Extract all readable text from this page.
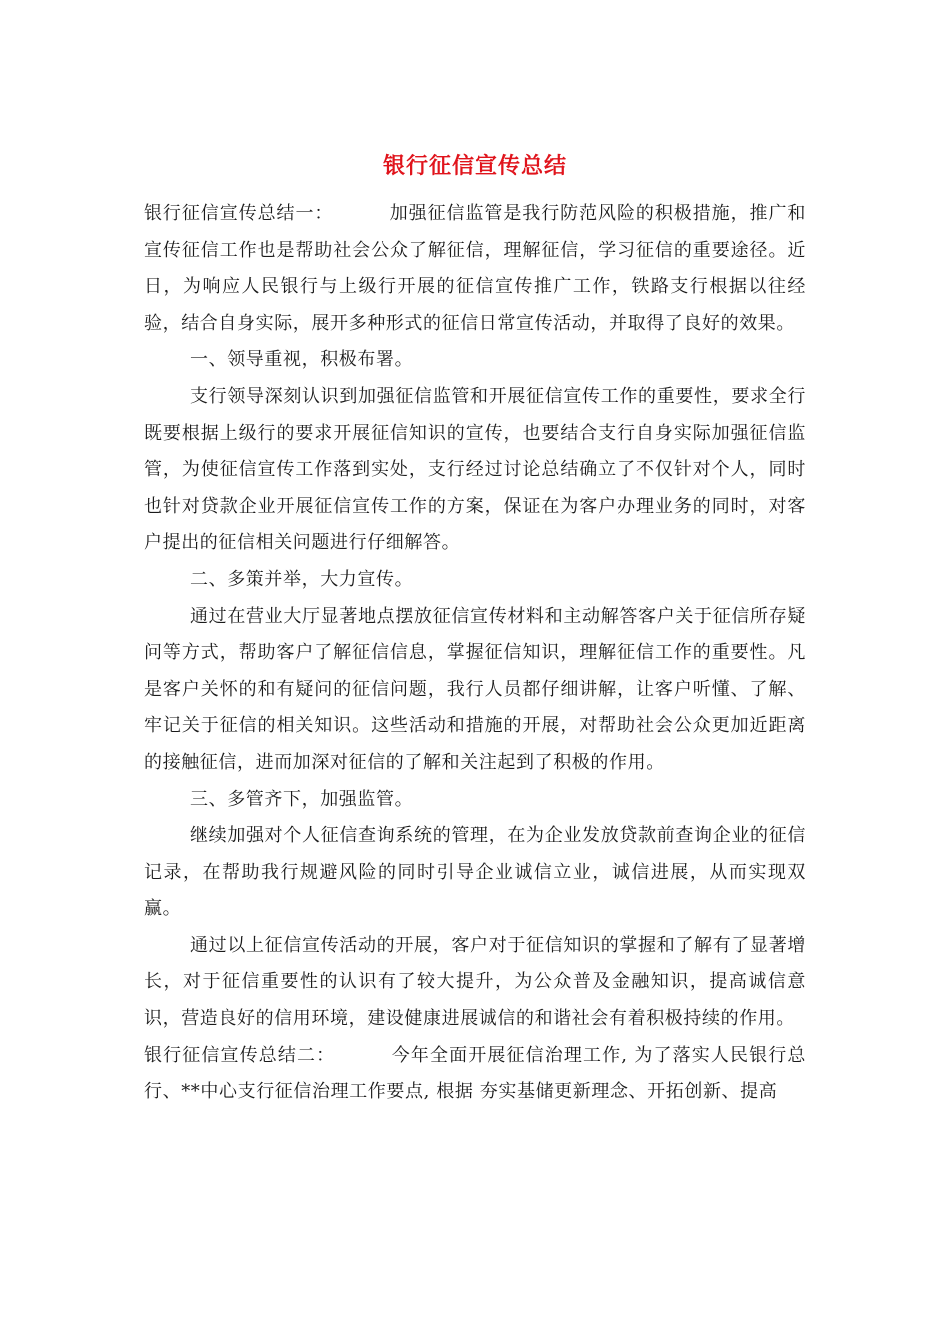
银行征信宣传总结

银行征信宣传总结一：	加强征信监管是我行防范风险的积极措施，推广和宣传征信工作也是帮助社会公众了解征信，理解征信，学习征信的重要途径。近日，为响应人民银行与上级行开展的征信宣传推广工作，铁路支行根据以往经验，结合自身实际，展开多种形式的征信日常宣传活动，并取得了良好的效果。

一、领导重视，积极布署。

支行领导深刻认识到加强征信监管和开展征信宣传工作的重要性，要求全行既要根据上级行的要求开展征信知识的宣传，也要结合支行自身实际加强征信监管，为使征信宣传工作落到实处，支行经过讨论总结确立了不仅针对个人，同时也针对贷款企业开展征信宣传工作的方案，保证在为客户办理业务的同时，对客户提出的征信相关问题进行仔细解答。

二、多策并举，大力宣传。

通过在营业大厅显著地点摆放征信宣传材料和主动解答客户关于征信所存疑问等方式，帮助客户了解征信信息，掌握征信知识，理解征信工作的重要性。凡是客户关怀的和有疑问的征信问题，我行人员都仔细讲解，让客户听懂、了解、牢记关于征信的相关知识。这些活动和措施的开展，对帮助社会公众更加近距离的接触征信，进而加深对征信的了解和关注起到了积极的作用。

三、多管齐下，加强监管。

继续加强对个人征信查询系统的管理，在为企业发放贷款前查询企业的征信记录，在帮助我行规避风险的同时引导企业诚信立业，诚信进展，从而实现双赢。

通过以上征信宣传活动的开展，客户对于征信知识的掌握和了解有了显著增长，对于征信重要性的认识有了较大提升，为公众普及金融知识，提高诚信意识，营造良好的信用环境，建设健康进展诚信的和谐社会有着积极持续的作用。

银行征信宣传总结二：	今年全面开展征信治理工作, 为了落实人民银行总行、**中心支行征信治理工作要点, 根据 夯实基储更新理念、开拓创新、提高
